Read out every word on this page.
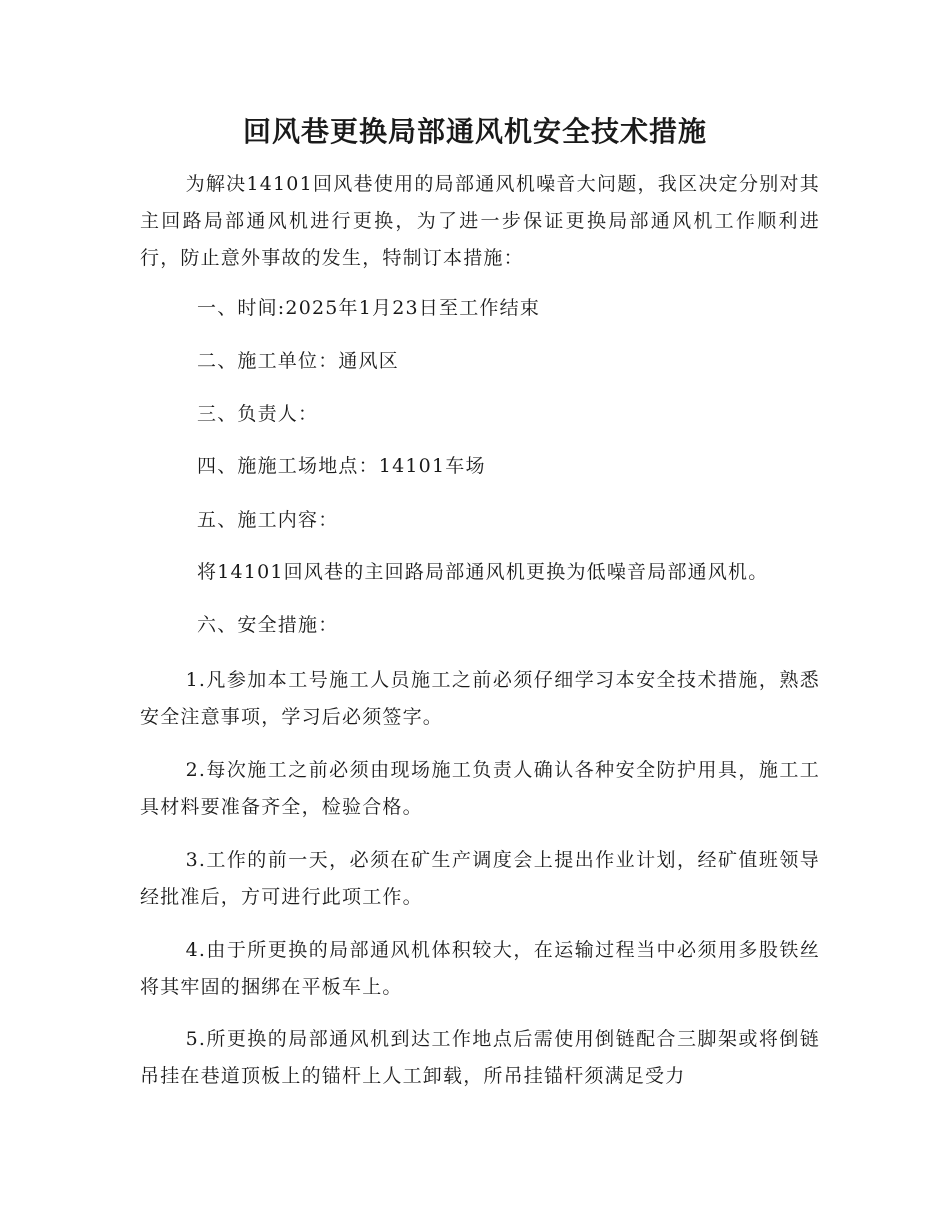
回风巷更换局部通风机安全技术措施
为解决14101回风巷使用的局部通风机噪音大问题，我区决定分别对其主回路局部通风机进行更换，为了进一步保证更换局部通风机工作顺利进行，防止意外事故的发生，特制订本措施：
一、时间:2025年1月23日至工作结束
二、施工单位：通风区
三、负责人：
四、施施工场地点：14101车场
五、施工内容：
将14101回风巷的主回路局部通风机更换为低噪音局部通风机。
六、安全措施：
1.凡参加本工号施工人员施工之前必须仔细学习本安全技术措施，熟悉安全注意事项，学习后必须签字。
2.每次施工之前必须由现场施工负责人确认各种安全防护用具，施工工具材料要准备齐全，检验合格。
3.工作的前一天，必须在矿生产调度会上提出作业计划，经矿值班领导经批准后，方可进行此项工作。
4.由于所更换的局部通风机体积较大，在运输过程当中必须用多股铁丝将其牢固的捆绑在平板车上。
5.所更换的局部通风机到达工作地点后需使用倒链配合三脚架或将倒链吊挂在巷道顶板上的锚杆上人工卸载，所吊挂锚杆须满足受力
